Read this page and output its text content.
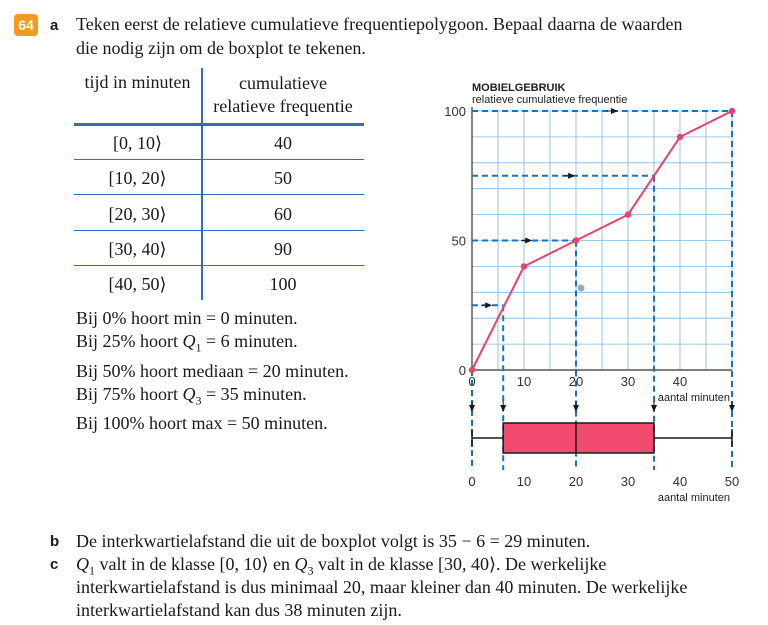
64 a Teken eerst de relatieve cumulatieve frequentiepolygoon. Bepaal daarna de waarden
die nodig zijn om de boxplot te tekenen.
tijd in minuten	cumulatieve
relatieve frequentie
[0, 10⟩	40
[10, 20⟩	50
[20, 30⟩	60
[30, 40⟩	90
[40, 50⟩	100
Bij 0% hoort min = 0 minuten.
Bij 25% hoort $Q_1 = 6$ minuten.
Bij 50% hoort mediaan = 20 minuten.
Bij 75% hoort $Q_3 = 35$ minuten.
Bij 100% hoort max = 50 minuten.
MOBIELGEBRUIK
relatieve cumulatieve frequentie
0
50
100
0	10	20	30	40
aantal minuten
0	10	20	30	40	50
aantal minuten
b De interkwartielafstand die uit de boxplot volgt is 35 − 6 = 29 minuten.
c $Q_1$ valt in de klasse [0, 10⟩ en $Q_3$ valt in de klasse [30, 40⟩. De werkelijke
interkwartielafstand is dus minimaal 20, maar kleiner dan 40 minuten. De werkelijke
interkwartielafstand kan dus 38 minuten zijn.
